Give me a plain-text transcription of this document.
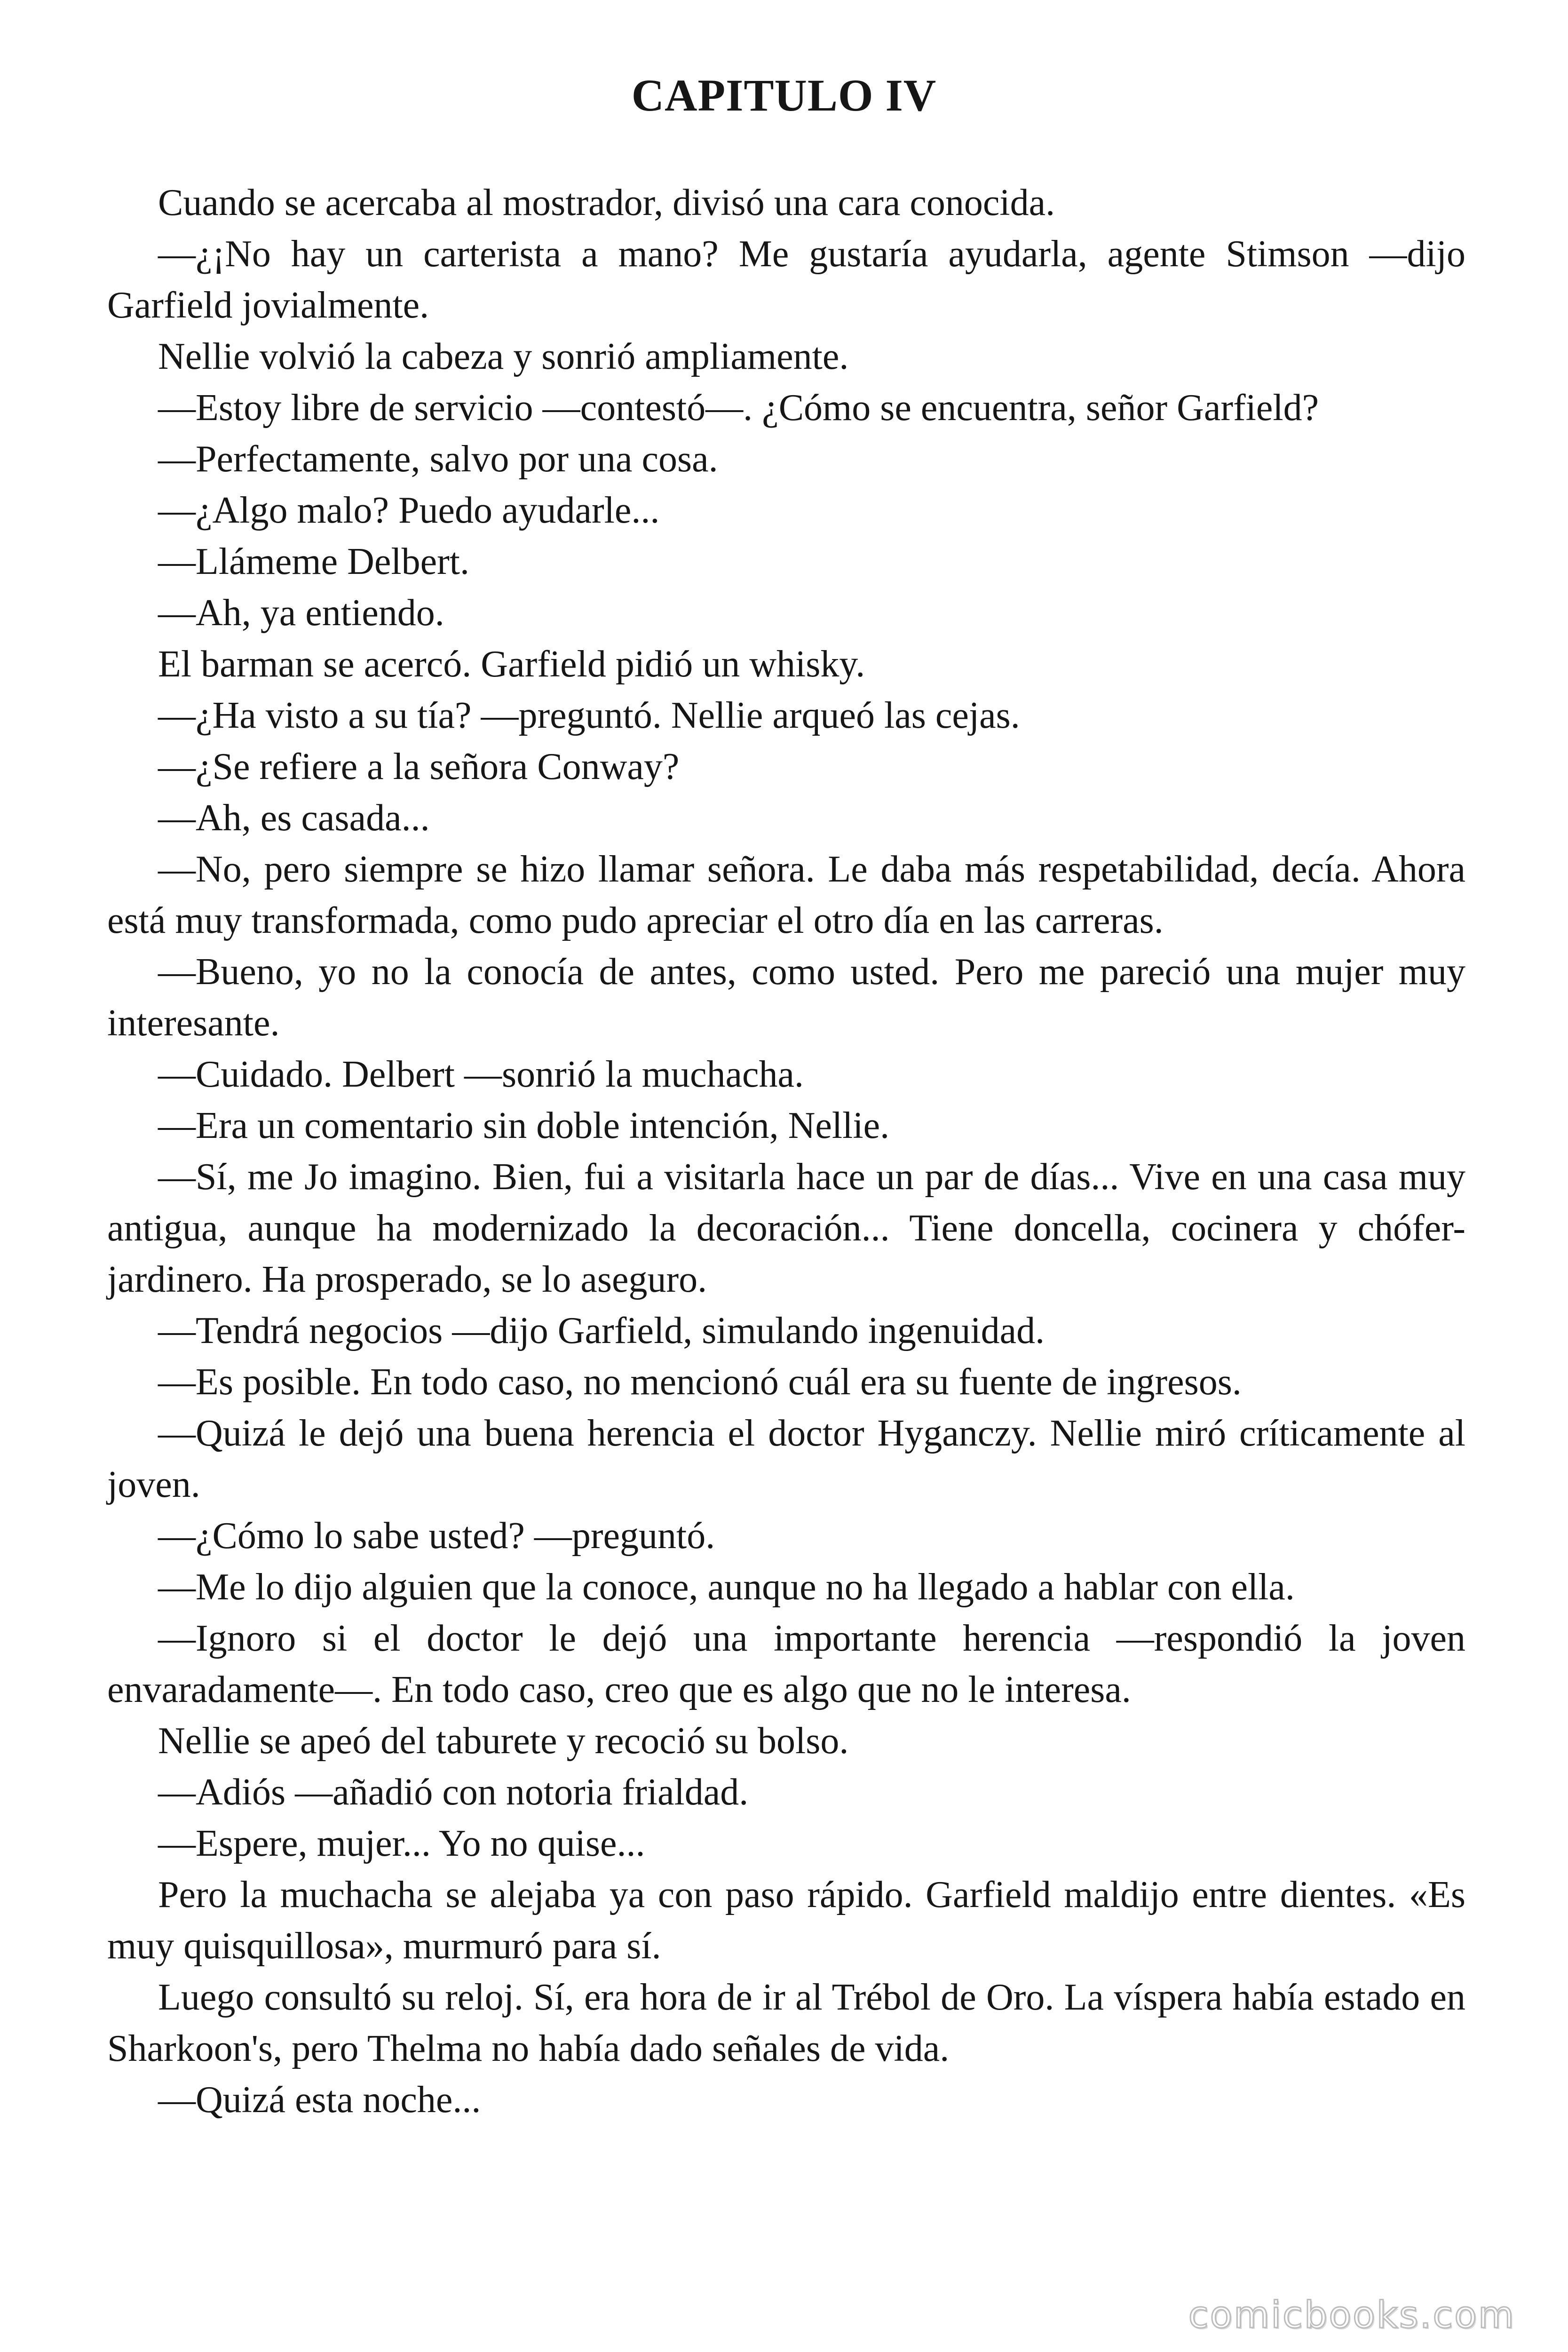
CAPITULO IV

Cuando se acercaba al mostrador, divisó una cara conocida.

—¿¡No hay un carterista a mano? Me gustaría ayudarla, agente Stimson —dijo Garfield jovialmente.

Nellie volvió la cabeza y sonrió ampliamente.

—Estoy libre de servicio —contestó—. ¿Cómo se encuentra, señor Garfield?

—Perfectamente, salvo por una cosa.

—¿Algo malo? Puedo ayudarle...

—Llámeme Delbert.

—Ah, ya entiendo.

El barman se acercó. Garfield pidió un whisky.

—¿Ha visto a su tía? —preguntó. Nellie arqueó las cejas.

—¿Se refiere a la señora Conway?

—Ah, es casada...

—No, pero siempre se hizo llamar señora. Le daba más respetabilidad, decía. Ahora está muy transformada, como pudo apreciar el otro día en las carreras.

—Bueno, yo no la conocía de antes, como usted. Pero me pareció una mujer muy interesante.

—Cuidado. Delbert —sonrió la muchacha.

—Era un comentario sin doble intención, Nellie.

—Sí, me Jo imagino. Bien, fui a visitarla hace un par de días... Vive en una casa muy antigua, aunque ha modernizado la decoración... Tiene doncella, cocinera y chófer-jardinero. Ha prosperado, se lo aseguro.

—Tendrá negocios —dijo Garfield, simulando ingenuidad.

—Es posible. En todo caso, no mencionó cuál era su fuente de ingresos.

—Quizá le dejó una buena herencia el doctor Hyganczy. Nellie miró críticamente al joven.

—¿Cómo lo sabe usted? —preguntó.

—Me lo dijo alguien que la conoce, aunque no ha llegado a hablar con ella.

—Ignoro si el doctor le dejó una importante herencia —respondió la joven envaradamente—. En todo caso, creo que es algo que no le interesa.

Nellie se apeó del taburete y recoció su bolso.

—Adiós —añadió con notoria frialdad.

—Espere, mujer... Yo no quise...

Pero la muchacha se alejaba ya con paso rápido. Garfield maldijo entre dientes. «Es muy quisquillosa», murmuró para sí.

Luego consultó su reloj. Sí, era hora de ir al Trébol de Oro. La víspera había estado en Sharkoon's, pero Thelma no había dado señales de vida.

—Quizá esta noche...

comicbooks.com
